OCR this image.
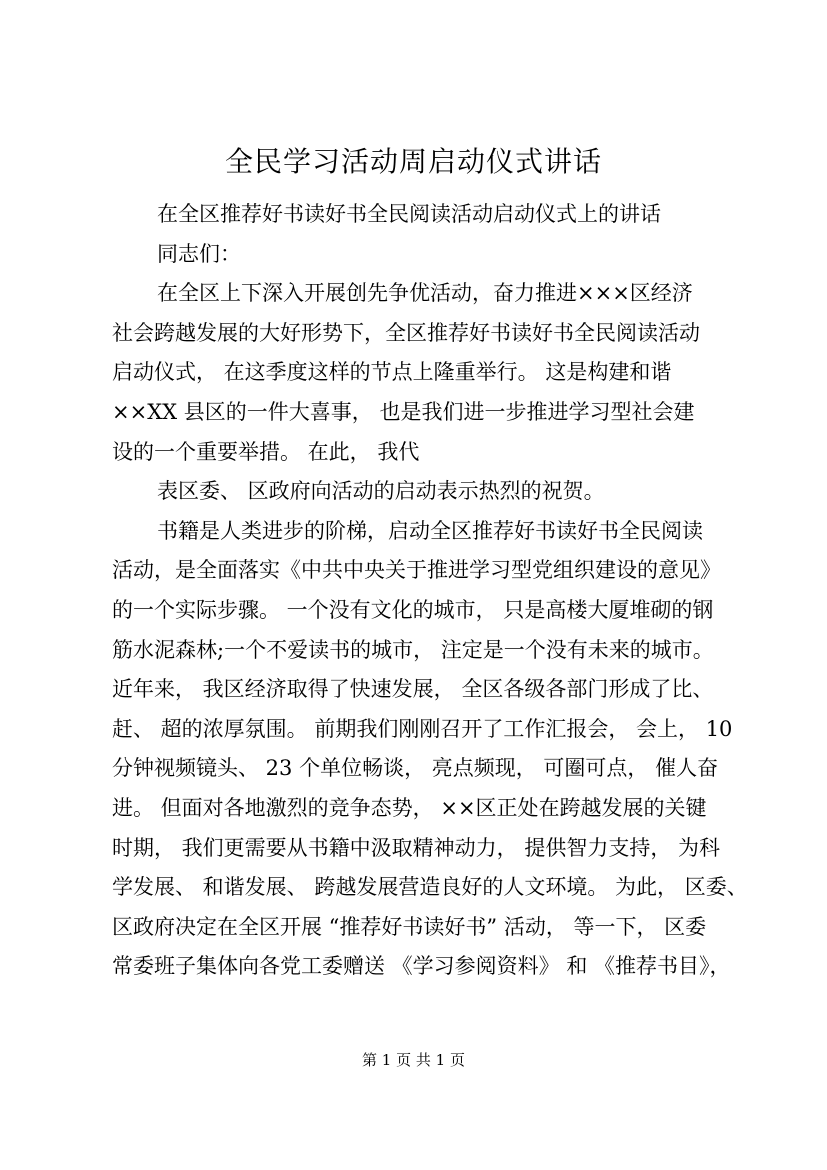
全民学习活动周启动仪式讲话
在全区推荐好书读好书全民阅读活动启动仪式上的讲话
同志们：
在全区上下深入开展创先争优活动，奋力推进×××区经济
社会跨越发展的大好形势下，全区推荐好书读好书全民阅读活动
启动仪式， 在这季度这样的节点上隆重举行。 这是构建和谐
××XX 县区的一件大喜事， 也是我们进一步推进学习型社会建
设的一个重要举措。 在此， 我代
表区委、 区政府向活动的启动表示热烈的祝贺。
书籍是人类进步的阶梯，启动全区推荐好书读好书全民阅读
活动，是全面落实《中共中央关于推进学习型党组织建设的意见》
的一个实际步骤。 一个没有文化的城市， 只是高楼大厦堆砌的钢
筋水泥森林;一个不爱读书的城市， 注定是一个没有未来的城市。
近年来， 我区经济取得了快速发展， 全区各级各部门形成了比、
赶、 超的浓厚氛围。 前期我们刚刚召开了工作汇报会， 会上， 10
分钟视频镜头、 23 个单位畅谈， 亮点频现， 可圈可点， 催人奋
进。 但面对各地激烈的竞争态势， ××区正处在跨越发展的关键
时期， 我们更需要从书籍中汲取精神动力， 提供智力支持， 为科
学发展、 和谐发展、 跨越发展营造良好的人文环境。 为此， 区委、
区政府决定在全区开展 “推荐好书读好书” 活动， 等一下， 区委
常委班子集体向各党工委赠送 《学习参阅资料》 和 《推荐书目》，
第 1 页 共 1 页
